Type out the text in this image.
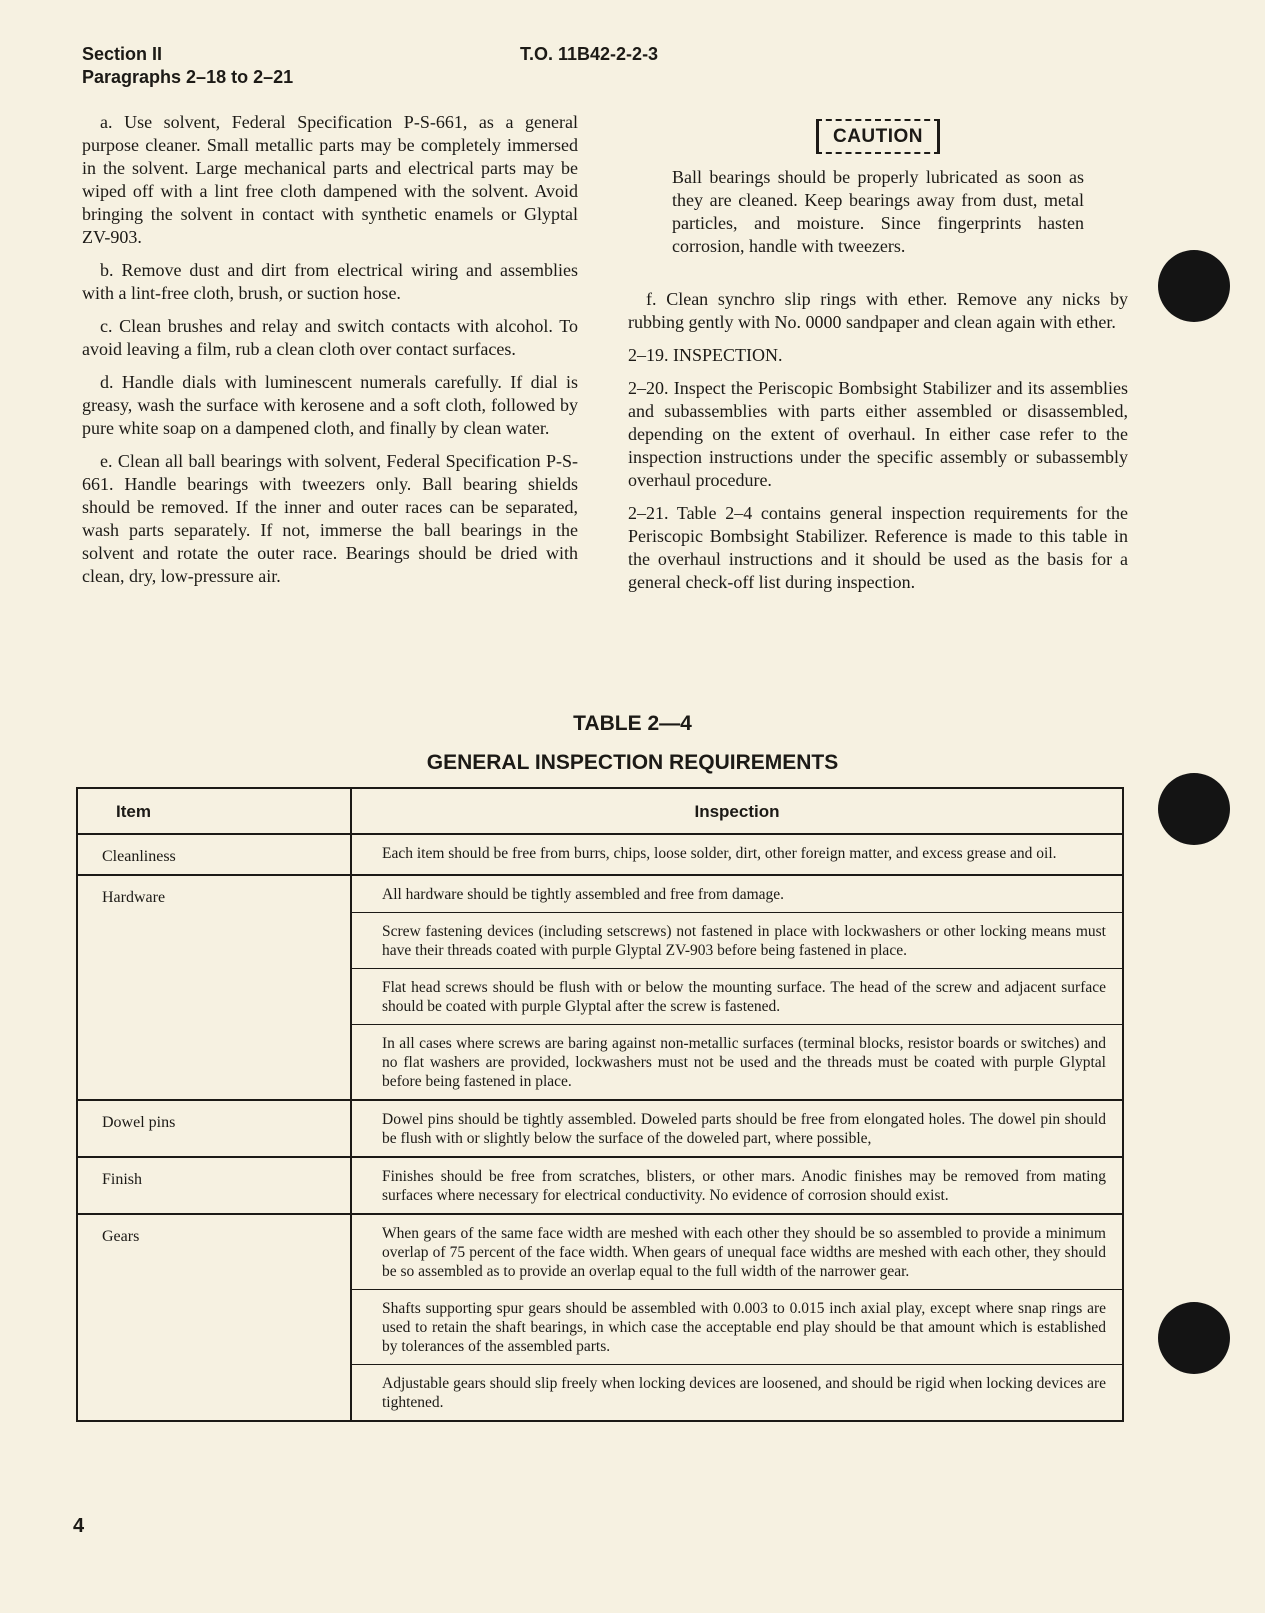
Section II
Paragraphs 2–18 to 2–21
T.O. 11B42-2-2-3

a. Use solvent, Federal Specification P-S-661, as a general purpose cleaner. Small metallic parts may be completely immersed in the solvent. Large mechanical parts and electrical parts may be wiped off with a lint free cloth dampened with the solvent. Avoid bringing the solvent in contact with synthetic enamels or Glyptal ZV-903.

b. Remove dust and dirt from electrical wiring and assemblies with a lint-free cloth, brush, or suction hose.

c. Clean brushes and relay and switch contacts with alcohol. To avoid leaving a film, rub a clean cloth over contact surfaces.

d. Handle dials with luminescent numerals carefully. If dial is greasy, wash the surface with kerosene and a soft cloth, followed by pure white soap on a dampened cloth, and finally by clean water.

e. Clean all ball bearings with solvent, Federal Specification P-S-661. Handle bearings with tweezers only. Ball bearing shields should be removed. If the inner and outer races can be separated, wash parts separately. If not, immerse the ball bearings in the solvent and rotate the outer race. Bearings should be dried with clean, dry, low-pressure air.

CAUTION

Ball bearings should be properly lubricated as soon as they are cleaned. Keep bearings away from dust, metal particles, and moisture. Since fingerprints hasten corrosion, handle with tweezers.

f. Clean synchro slip rings with ether. Remove any nicks by rubbing gently with No. 0000 sandpaper and clean again with ether.

2–19. INSPECTION.

2–20. Inspect the Periscopic Bombsight Stabilizer and its assemblies and subassemblies with parts either assembled or disassembled, depending on the extent of overhaul. In either case refer to the inspection instructions under the specific assembly or subassembly overhaul procedure.

2–21. Table 2–4 contains general inspection requirements for the Periscopic Bombsight Stabilizer. Reference is made to this table in the overhaul instructions and it should be used as the basis for a general check-off list during inspection.

TABLE 2—4
GENERAL INSPECTION REQUIREMENTS
Item	Inspection
Cleanliness	Each item should be free from burrs, chips, loose solder, dirt, other foreign matter, and excess grease and oil.

Hardware	All hardware should be tightly assembled and free from damage.
Screw fastening devices (including setscrews) not fastened in place with lockwashers or other locking means must have their threads coated with purple Glyptal ZV-903 before being fastened in place.
Flat head screws should be flush with or below the mounting surface. The head of the screw and adjacent surface should be coated with purple Glyptal after the screw is fastened.
In all cases where screws are baring against non-metallic surfaces (terminal blocks, resistor boards or switches) and no flat washers are provided, lockwashers must not be used and the threads must be coated with purple Glyptal before being fastened in place.

Dowel pins	Dowel pins should be tightly assembled. Doweled parts should be free from elongated holes. The dowel pin should be flush with or slightly below the surface of the doweled part, where possible,

Finish	Finishes should be free from scratches, blisters, or other mars. Anodic finishes may be removed from mating surfaces where necessary for electrical conductivity. No evidence of corrosion should exist.

Gears	When gears of the same face width are meshed with each other they should be so assembled to provide a minimum overlap of 75 percent of the face width. When gears of unequal face widths are meshed with each other, they should be so assembled as to provide an overlap equal to the full width of the narrower gear.
Shafts supporting spur gears should be assembled with 0.003 to 0.015 inch axial play, except where snap rings are used to retain the shaft bearings, in which case the acceptable end play should be that amount which is established by tolerances of the assembled parts.
Adjustable gears should slip freely when locking devices are loosened, and should be rigid when locking devices are tightened.
4
